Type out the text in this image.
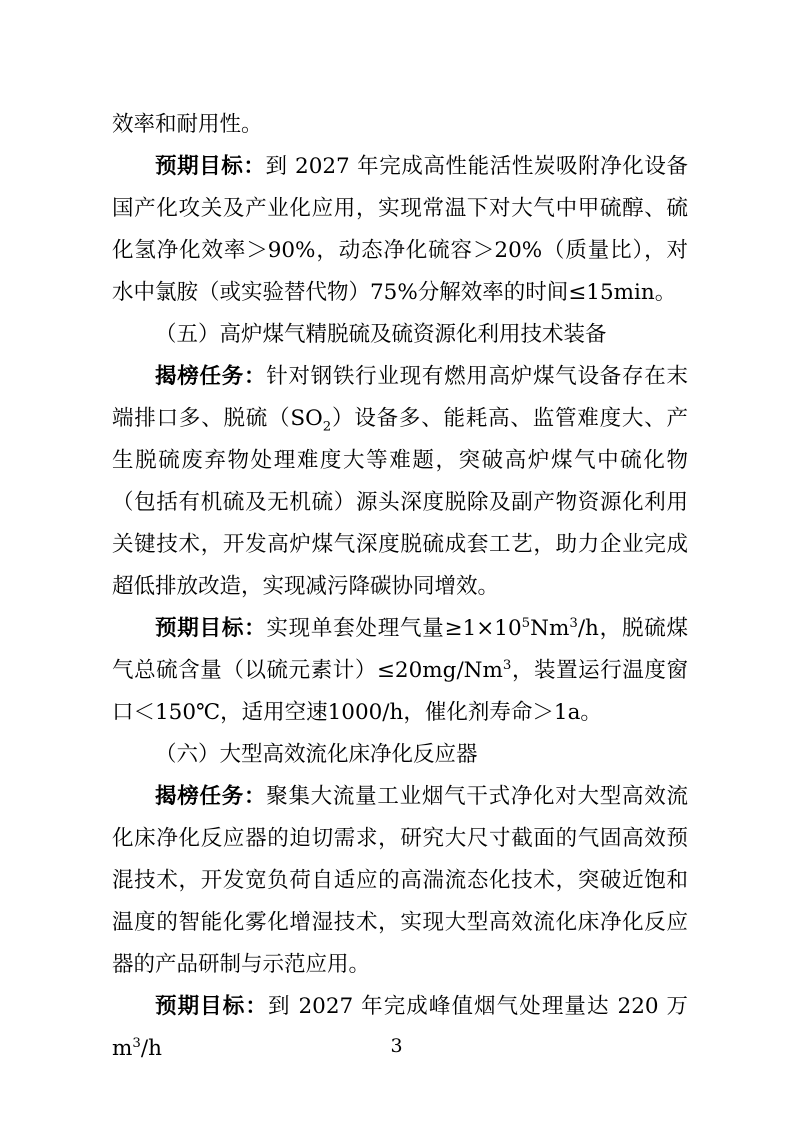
效率和耐用性。

预期目标：到 2027 年完成高性能活性炭吸附净化设备国产化攻关及产业化应用，实现常温下对大气中甲硫醇、硫化氢净化效率＞90%，动态净化硫容＞20%（质量比），对水中氯胺（或实验替代物）75%分解效率的时间≤15min。

（五）高炉煤气精脱硫及硫资源化利用技术装备

揭榜任务：针对钢铁行业现有燃用高炉煤气设备存在末端排口多、脱硫$(SO_2)$设备多、能耗高、监管难度大、产生脱硫废弃物处理难度大等难题，突破高炉煤气中硫化物（包括有机硫及无机硫）源头深度脱除及副产物资源化利用关键技术，开发高炉煤气深度脱硫成套工艺，助力企业完成超低排放改造，实现减污降碳协同增效。

预期目标：实现单套处理气量$\ge 1\times 10^5Nm^3/h$，脱硫煤气总硫含量（以硫元素计）$\le 20mg/Nm^3$，装置运行温度窗口＜150℃，适用空速1000/h，催化剂寿命＞1a。

（六）大型高效流化床净化反应器

揭榜任务：聚集大流量工业烟气干式净化对大型高效流化床净化反应器的迫切需求，研究大尺寸截面的气固高效预混技术，开发宽负荷自适应的高湍流态化技术，突破近饱和温度的智能化雾化增湿技术，实现大型高效流化床净化反应器的产品研制与示范应用。

预期目标：到 2027 年完成峰值烟气处理量达 220 万 $m^3/h$	3
